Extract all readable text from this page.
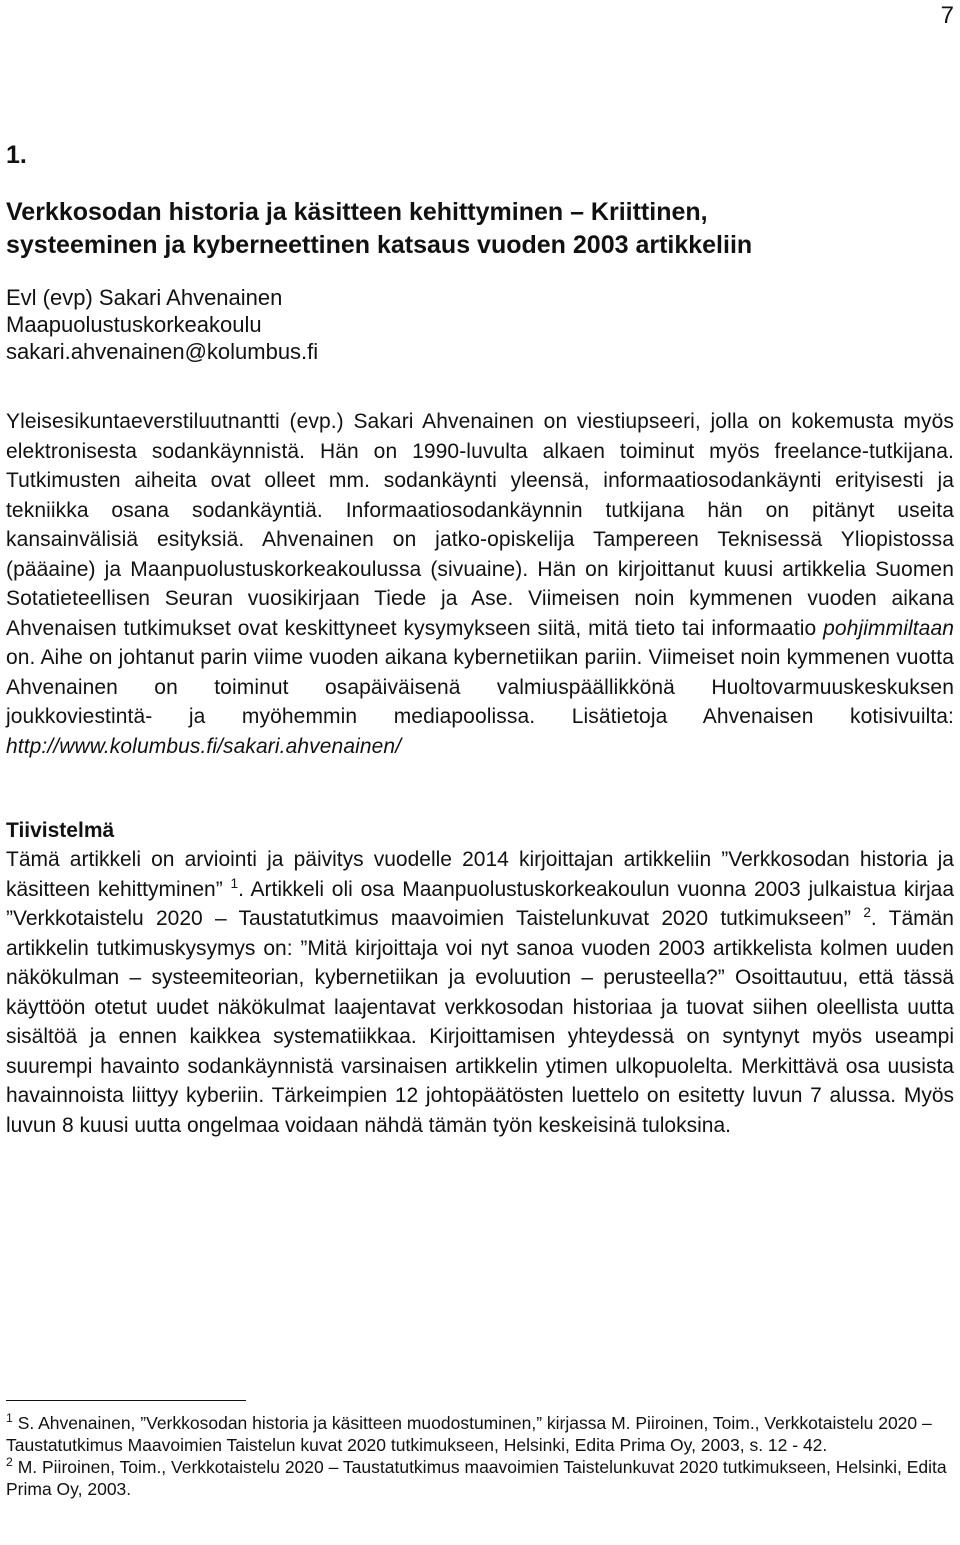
7

1.

Verkkosodan historia ja käsitteen kehittyminen – Kriittinen,
systeeminen ja kyberneettinen katsaus vuoden 2003 artikkeliin
Evl (evp) Sakari Ahvenainen
Maapuolustuskorkeakoulu
sakari.ahvenainen@kolumbus.fi

Yleisesikuntaeverstiluutnantti (evp.) Sakari Ahvenainen on viestiupseeri, jolla on kokemusta myös elektronisesta sodankäynnistä. Hän on 1990-luvulta alkaen toiminut myös freelance-tutkijana. Tutkimusten aiheita ovat olleet mm. sodankäynti yleensä, informaatiosodankäynti erityisesti ja tekniikka osana sodankäyntiä. Informaatiosodankäynnin tutkijana hän on pitänyt useita kansainvälisiä esityksiä. Ahvenainen on jatko-opiskelija Tampereen Teknisessä Yliopistossa (pääaine) ja Maanpuolustuskorkeakoulussa (sivuaine). Hän on kirjoittanut kuusi artikkelia Suomen Sotatieteellisen Seuran vuosikirjaan Tiede ja Ase. Viimeisen noin kymmenen vuoden aikana Ahvenaisen tutkimukset ovat keskittyneet kysymykseen siitä, mitä tieto tai informaatio pohjimmiltaan on. Aihe on johtanut parin viime vuoden aikana kybernetiikan pariin. Viimeiset noin kymmenen vuotta Ahvenainen on toiminut osapäiväisenä valmiuspäällikkönä Huoltovarmuuskeskuksen joukkoviestintä- ja myöhemmin mediapoolissa. Lisätietoja Ahvenaisen kotisivuilta: http://www.kolumbus.fi/sakari.ahvenainen/

Tiivistelmä

Tämä artikkeli on arviointi ja päivitys vuodelle 2014 kirjoittajan artikkeliin ”Verkkosodan historia ja käsitteen kehittyminen” $^1$. Artikkeli oli osa Maanpuolustuskorkeakoulun vuonna 2003 julkaistua kirjaa ”Verkkotaistelu 2020 – Taustatutkimus maavoimien Taistelunkuvat 2020 tutkimukseen” $^2$. Tämän artikkelin tutkimuskysymys on: ”Mitä kirjoittaja voi nyt sanoa vuoden 2003 artikkelista kolmen uuden näkökulman – systeemiteorian, kybernetiikan ja evoluution – perusteella?” Osoittautuu, että tässä käyttöön otetut uudet näkökulmat laajentavat verkkosodan historiaa ja tuovat siihen oleellista uutta sisältöä ja ennen kaikkea systematiikkaa. Kirjoittamisen yhteydessä on syntynyt myös useampi suurempi havainto sodankäynnistä varsinaisen artikkelin ytimen ulkopuolelta. Merkittävä osa uusista havainnoista liittyy kyberiin. Tärkeimpien 12 johtopäätösten luettelo on esitetty luvun 7 alussa. Myös luvun 8 kuusi uutta ongelmaa voidaan nähdä tämän työn keskeisinä tuloksina.

$^1$ S. Ahvenainen, ”Verkkosodan historia ja käsitteen muodostuminen,” kirjassa M. Piiroinen, Toim., Verkkotaistelu 2020 – Taustatutkimus Maavoimien Taistelun kuvat 2020 tutkimukseen, Helsinki, Edita Prima Oy, 2003, s. 12 - 42.

$^2$ M. Piiroinen, Toim., Verkkotaistelu 2020 – Taustatutkimus maavoimien Taistelunkuvat 2020 tutkimukseen, Helsinki, Edita Prima Oy, 2003.
